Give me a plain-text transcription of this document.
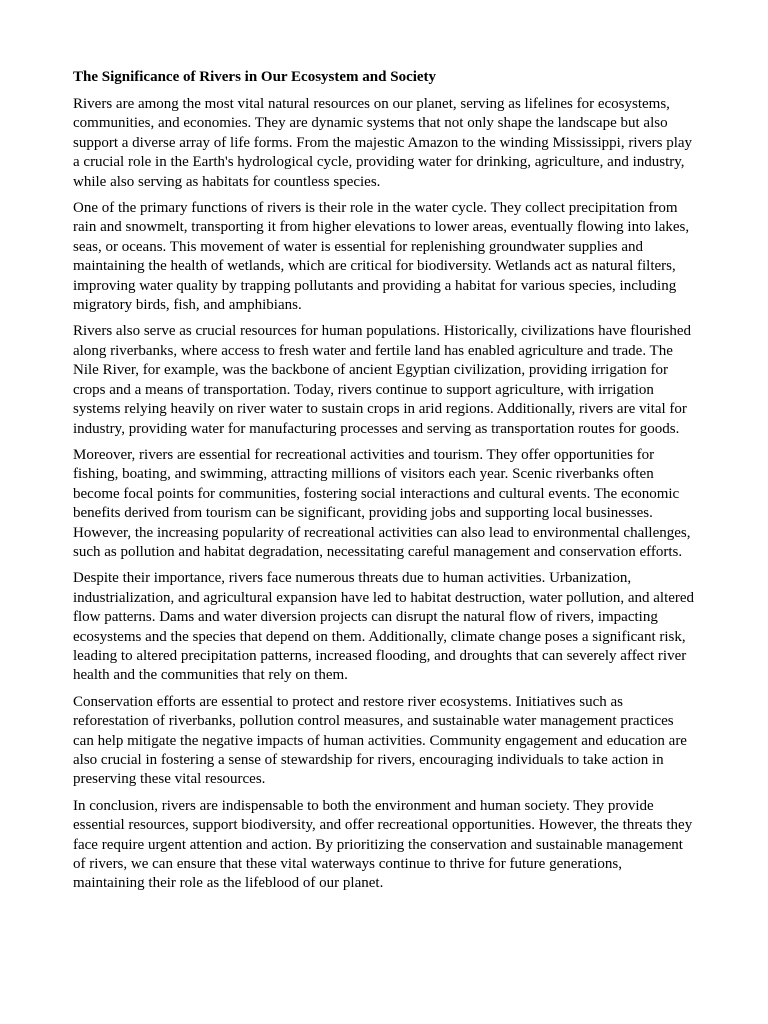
The Significance of Rivers in Our Ecosystem and Society

Rivers are among the most vital natural resources on our planet, serving as lifelines for ecosystems, communities, and economies. They are dynamic systems that not only shape the landscape but also support a diverse array of life forms. From the majestic Amazon to the winding Mississippi, rivers play a crucial role in the Earth's hydrological cycle, providing water for drinking, agriculture, and industry, while also serving as habitats for countless species.

One of the primary functions of rivers is their role in the water cycle. They collect precipitation from rain and snowmelt, transporting it from higher elevations to lower areas, eventually flowing into lakes, seas, or oceans. This movement of water is essential for replenishing groundwater supplies and maintaining the health of wetlands, which are critical for biodiversity. Wetlands act as natural filters, improving water quality by trapping pollutants and providing a habitat for various species, including migratory birds, fish, and amphibians.

Rivers also serve as crucial resources for human populations. Historically, civilizations have flourished along riverbanks, where access to fresh water and fertile land has enabled agriculture and trade. The Nile River, for example, was the backbone of ancient Egyptian civilization, providing irrigation for crops and a means of transportation. Today, rivers continue to support agriculture, with irrigation systems relying heavily on river water to sustain crops in arid regions. Additionally, rivers are vital for industry, providing water for manufacturing processes and serving as transportation routes for goods.

Moreover, rivers are essential for recreational activities and tourism. They offer opportunities for fishing, boating, and swimming, attracting millions of visitors each year. Scenic riverbanks often become focal points for communities, fostering social interactions and cultural events. The economic benefits derived from tourism can be significant, providing jobs and supporting local businesses. However, the increasing popularity of recreational activities can also lead to environmental challenges, such as pollution and habitat degradation, necessitating careful management and conservation efforts.

Despite their importance, rivers face numerous threats due to human activities. Urbanization, industrialization, and agricultural expansion have led to habitat destruction, water pollution, and altered flow patterns. Dams and water diversion projects can disrupt the natural flow of rivers, impacting ecosystems and the species that depend on them. Additionally, climate change poses a significant risk, leading to altered precipitation patterns, increased flooding, and droughts that can severely affect river health and the communities that rely on them.

Conservation efforts are essential to protect and restore river ecosystems. Initiatives such as reforestation of riverbanks, pollution control measures, and sustainable water management practices can help mitigate the negative impacts of human activities. Community engagement and education are also crucial in fostering a sense of stewardship for rivers, encouraging individuals to take action in preserving these vital resources.

In conclusion, rivers are indispensable to both the environment and human society. They provide essential resources, support biodiversity, and offer recreational opportunities. However, the threats they face require urgent attention and action. By prioritizing the conservation and sustainable management of rivers, we can ensure that these vital waterways continue to thrive for future generations, maintaining their role as the lifeblood of our planet.
